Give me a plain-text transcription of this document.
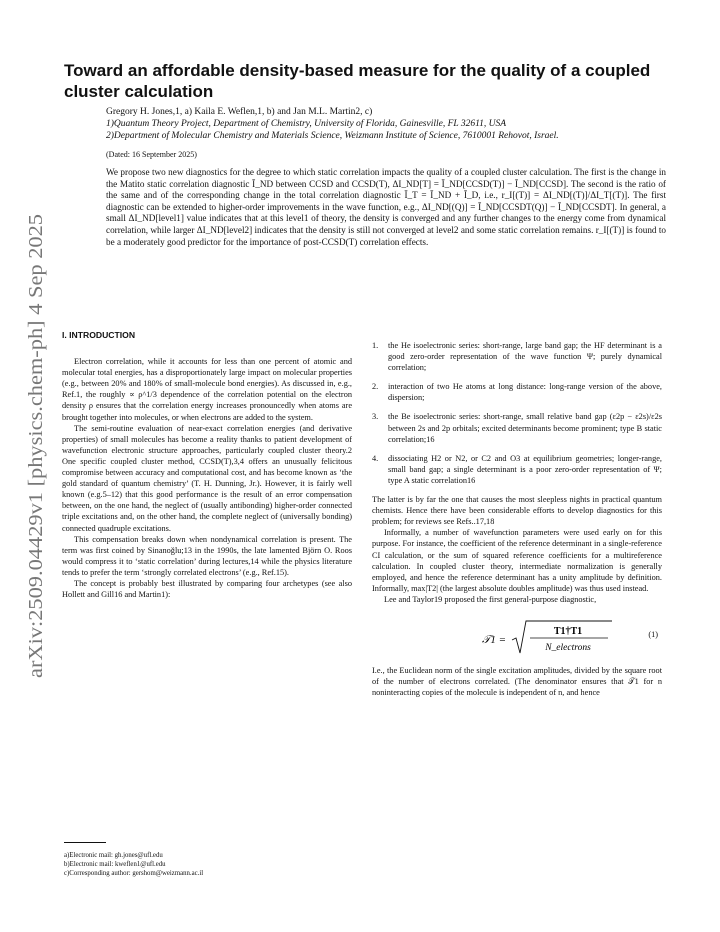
arXiv:2509.04429v1 [physics.chem-ph] 4 Sep 2025
Toward an affordable density-based measure for the quality of a coupled cluster calculation
Gregory H. Jones,1, a) Kaila E. Weflen,1, b) and Jan M.L. Martin2, c)
1)Quantum Theory Project, Department of Chemistry, University of Florida, Gainesville, FL 32611, USA
2)Department of Molecular Chemistry and Materials Science, Weizmann Institute of Science, 7610001 Rehovot, Israel.
(Dated: 16 September 2025)
We propose two new diagnostics for the degree to which static correlation impacts the quality of a coupled cluster calculation. The first is the change in the Matito static correlation diagnostic Ī_ND between CCSD and CCSD(T), ΔI_ND[T] = Ī_ND[CCSD(T)] − Ī_ND[CCSD]. The second is the ratio of the same and of the corresponding change in the total correlation diagnostic Ī_T = Ī_ND + Ī_D, i.e., r_I[(T)] = ΔI_ND[(T)]/ΔI_T[(T)]. The first diagnostic can be extended to higher-order improvements in the wave function, e.g., ΔI_ND[(Q)] = Ī_ND[CCSDT(Q)] − Ī_ND[CCSDT]. In general, a small ΔI_ND[level1] value indicates that at this level1 of theory, the density is converged and any further changes to the energy come from dynamical correlation, while larger ΔI_ND[level2] indicates that the density is still not converged at level2 and some static correlation remains. r_I[(T)] is found to be a moderately good predictor for the importance of post-CCSD(T) correlation effects.
I. INTRODUCTION

Electron correlation, while it accounts for less than one percent of atomic and molecular total energies, has a disproportionately large impact on molecular properties (e.g., between 20% and 180% of small-molecule bond energies). As discussed in, e.g., Ref.1, the roughly ∝ ρ^1/3 dependence of the correlation potential on the electron density ρ ensures that the correlation energy increases pronouncedly when atoms are brought together into molecules, or when electrons are added to the system.

The semi-routine evaluation of near-exact correlation energies (and derivative properties) of small molecules has become a reality thanks to patient development of wavefunction electronic structure approaches, particularly coupled cluster theory.2 One specific coupled cluster method, CCSD(T),3,4 offers an unusually felicitous compromise between accuracy and computational cost, and has become known as ‘the gold standard of quantum chemistry’ (T. H. Dunning, Jr.). However, it is fairly well known (e.g.5–12) that this good performance is the result of an error compensation between, on the one hand, the neglect of (usually antibonding) higher-order connected triple excitations and, on the other hand, the complete neglect of (universally bonding) connected quadruple excitations.

This compensation breaks down when nondynamical correlation is present. The term was first coined by Sinanoğlu;13 in the 1990s, the late lamented Björn O. Roos would compress it to ‘static correlation’ during lectures,14 while the physics literature tends to prefer the term ‘strongly correlated electrons’ (e.g., Ref.15).

The concept is probably best illustrated by comparing four archetypes (see also Hollett and Gill16 and Martin1):

1. the He isoelectronic series: short-range, large band gap; the HF determinant is a good zero-order representation of the wave function Ψ; purely dynamical correlation;
2. interaction of two He atoms at long distance: long-range version of the above, dispersion;
3. the Be isoelectronic series: short-range, small relative band gap (ε2p − ε2s)/ε2s between 2s and 2p orbitals; excited determinants become prominent; type B static correlation;16
4. dissociating H2 or N2, or C2 and O3 at equilibrium geometries; longer-range, small band gap; a single determinant is a poor zero-order representation of Ψ; type A static correlation16

The latter is by far the one that causes the most sleepless nights in practical quantum chemists. Hence there have been considerable efforts to develop diagnostics for this problem; for reviews see Refs..17,18

Informally, a number of wavefunction parameters were used early on for this purpose. For instance, the coefficient of the reference determinant in a single-reference CI calculation, or the sum of squared reference coefficients for a multireference calculation. In coupled cluster theory, intermediate normalization is generally employed, and hence the reference determinant has a unity amplitude by definition. Informally, max|T2| (the largest absolute doubles amplitude) was thus used instead.

Lee and Taylor19 proposed the first general-purpose diagnostic,

𝒯1 =
T1†T1
N_electrons
(1)

I.e., the Euclidean norm of the single excitation amplitudes, divided by the square root of the number of electrons correlated. (The denominator ensures that 𝒯1 for n noninteracting copies of the molecule is independent of n, and hence

a)Electronic mail: gh.jones@ufl.edu
b)Electronic mail: kweflen1@ufl.edu
c)Corresponding author: gershom@weizmann.ac.il
